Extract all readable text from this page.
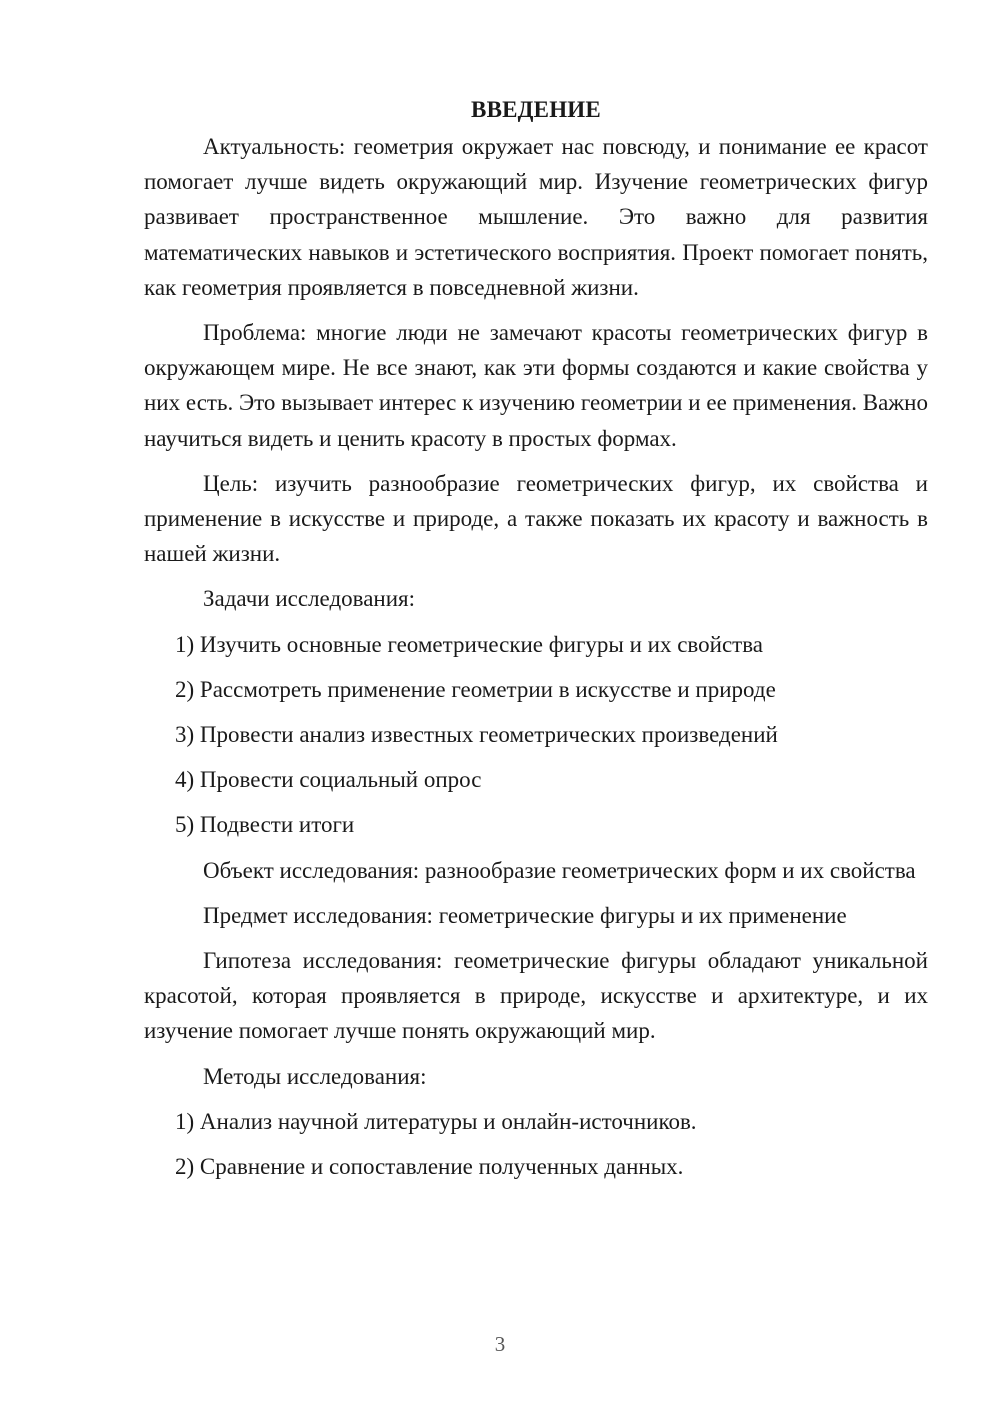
ВВЕДЕНИЕ

Актуальность: геометрия окружает нас повсюду, и понимание ее красот помогает лучше видеть окружающий мир. Изучение геометрических фигур развивает пространственное мышление. Это важно для развития математических навыков и эстетического восприятия. Проект помогает понять, как геометрия проявляется в повседневной жизни.

Проблема: многие люди не замечают красоты геометрических фигур в окружающем мире. Не все знают, как эти формы создаются и какие свойства у них есть. Это вызывает интерес к изучению геометрии и ее применения. Важно научиться видеть и ценить красоту в простых формах.

Цель: изучить разнообразие геометрических фигур, их свойства и применение в искусстве и природе, а также показать их красоту и важность в нашей жизни.

Задачи исследования:

1) Изучить основные геометрические фигуры и их свойства
2) Рассмотреть применение геометрии в искусстве и природе
3) Провести анализ известных геометрических произведений
4) Провести социальный опрос
5) Подвести итоги

Объект исследования: разнообразие геометрических форм и их свойства

Предмет исследования: геометрические фигуры и их применение

Гипотеза исследования: геометрические фигуры обладают уникальной красотой, которая проявляется в природе, искусстве и архитектуре, и их изучение помогает лучше понять окружающий мир.

Методы исследования:

1) Анализ научной литературы и онлайн-источников.
2) Сравнение и сопоставление полученных данных.
3
